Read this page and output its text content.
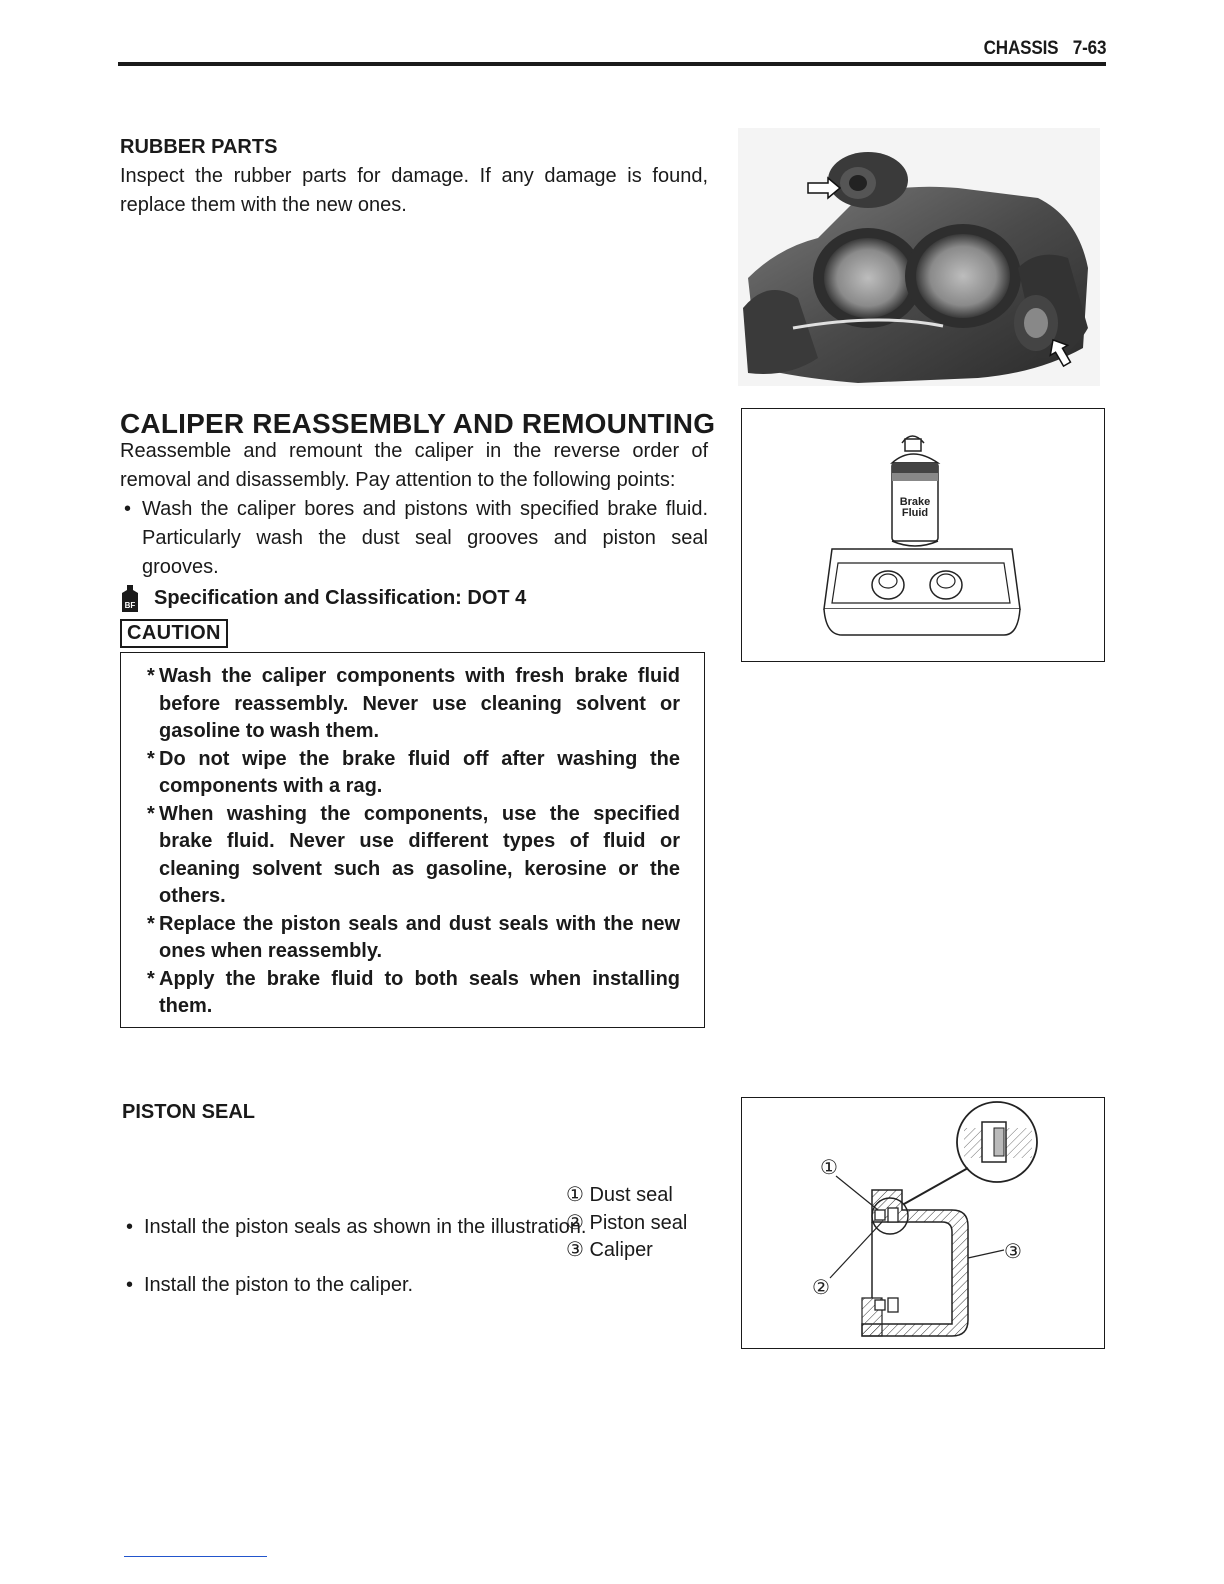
CHASSIS 7-63
RUBBER PARTS
Inspect the rubber parts for damage. If any damage is found, replace them with the new ones.
CALIPER REASSEMBLY AND REMOUNTING
Reassemble and remount the caliper in the reverse order of removal and disassembly. Pay attention to the following points:
• Wash the caliper bores and pistons with specified brake fluid. Particularly wash the dust seal grooves and piston seal grooves.
BF Specification and Classification: DOT 4
CAUTION
* Wash the caliper components with fresh brake fluid before reassembly. Never use cleaning solvent or gasoline to wash them.
* Do not wipe the brake fluid off after washing the components with a rag.
* When washing the components, use the specified brake fluid. Never use different types of fluid or cleaning solvent such as gasoline, kerosine or the others.
* Replace the piston seals and dust seals with the new ones when reassembly.
* Apply the brake fluid to both seals when installing them.
Brake
Fluid
PISTON SEAL
• Install the piston seals as shown in the illustration.
• Install the piston to the caliper.
① Dust seal
② Piston seal
③ Caliper
①
②
③
